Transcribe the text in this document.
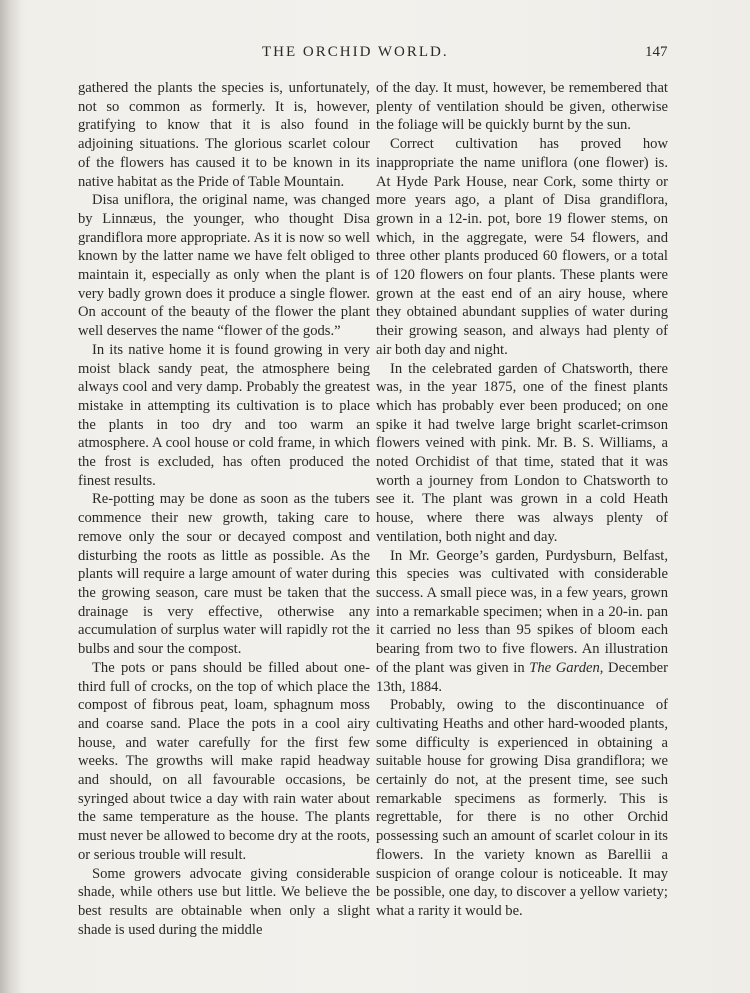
THE ORCHID WORLD.	147

gathered the plants the species is, unfortunately, not so common as formerly. It is, however, gratifying to know that it is also found in adjoining situations. The glorious scarlet colour of the flowers has caused it to be known in its native habitat as the Pride of Table Mountain.

Disa uniflora, the original name, was changed by Linnæus, the younger, who thought Disa grandiflora more appropriate. As it is now so well known by the latter name we have felt obliged to maintain it, especially as only when the plant is very badly grown does it produce a single flower. On account of the beauty of the flower the plant well deserves the name “flower of the gods.”

In its native home it is found growing in very moist black sandy peat, the atmosphere being always cool and very damp. Probably the greatest mistake in attempting its cultivation is to place the plants in too dry and too warm an atmosphere. A cool house or cold frame, in which the frost is excluded, has often produced the finest results.

Re-potting may be done as soon as the tubers commence their new growth, taking care to remove only the sour or decayed compost and disturbing the roots as little as possible. As the plants will require a large amount of water during the growing season, care must be taken that the drainage is very effective, otherwise any accumulation of surplus water will rapidly rot the bulbs and sour the compost.

The pots or pans should be filled about one-third full of crocks, on the top of which place the compost of fibrous peat, loam, sphagnum moss and coarse sand. Place the pots in a cool airy house, and water carefully for the first few weeks. The growths will make rapid headway and should, on all favourable occasions, be syringed about twice a day with rain water about the same temperature as the house. The plants must never be allowed to become dry at the roots, or serious trouble will result.

Some growers advocate giving considerable shade, while others use but little. We believe the best results are obtainable when only a slight shade is used during the middle

of the day. It must, however, be remembered that plenty of ventilation should be given, otherwise the foliage will be quickly burnt by the sun.

Correct cultivation has proved how inappropriate the name uniflora (one flower) is. At Hyde Park House, near Cork, some thirty or more years ago, a plant of Disa grandiflora, grown in a 12-in. pot, bore 19 flower stems, on which, in the aggregate, were 54 flowers, and three other plants produced 60 flowers, or a total of 120 flowers on four plants. These plants were grown at the east end of an airy house, where they obtained abundant supplies of water during their growing season, and always had plenty of air both day and night.

In the celebrated garden of Chatsworth, there was, in the year 1875, one of the finest plants which has probably ever been produced; on one spike it had twelve large bright scarlet-crimson flowers veined with pink. Mr. B. S. Williams, a noted Orchidist of that time, stated that it was worth a journey from London to Chatsworth to see it. The plant was grown in a cold Heath house, where there was always plenty of ventilation, both night and day.

In Mr. George’s garden, Purdysburn, Belfast, this species was cultivated with considerable success. A small piece was, in a few years, grown into a remarkable specimen; when in a 20-in. pan it carried no less than 95 spikes of bloom each bearing from two to five flowers. An illustration of the plant was given in The Garden, December 13th, 1884.

Probably, owing to the discontinuance of cultivating Heaths and other hard-wooded plants, some difficulty is experienced in obtaining a suitable house for growing Disa grandiflora; we certainly do not, at the present time, see such remarkable specimens as formerly. This is regrettable, for there is no other Orchid possessing such an amount of scarlet colour in its flowers. In the variety known as Barellii a suspicion of orange colour is noticeable. It may be possible, one day, to discover a yellow variety; what a rarity it would be.
